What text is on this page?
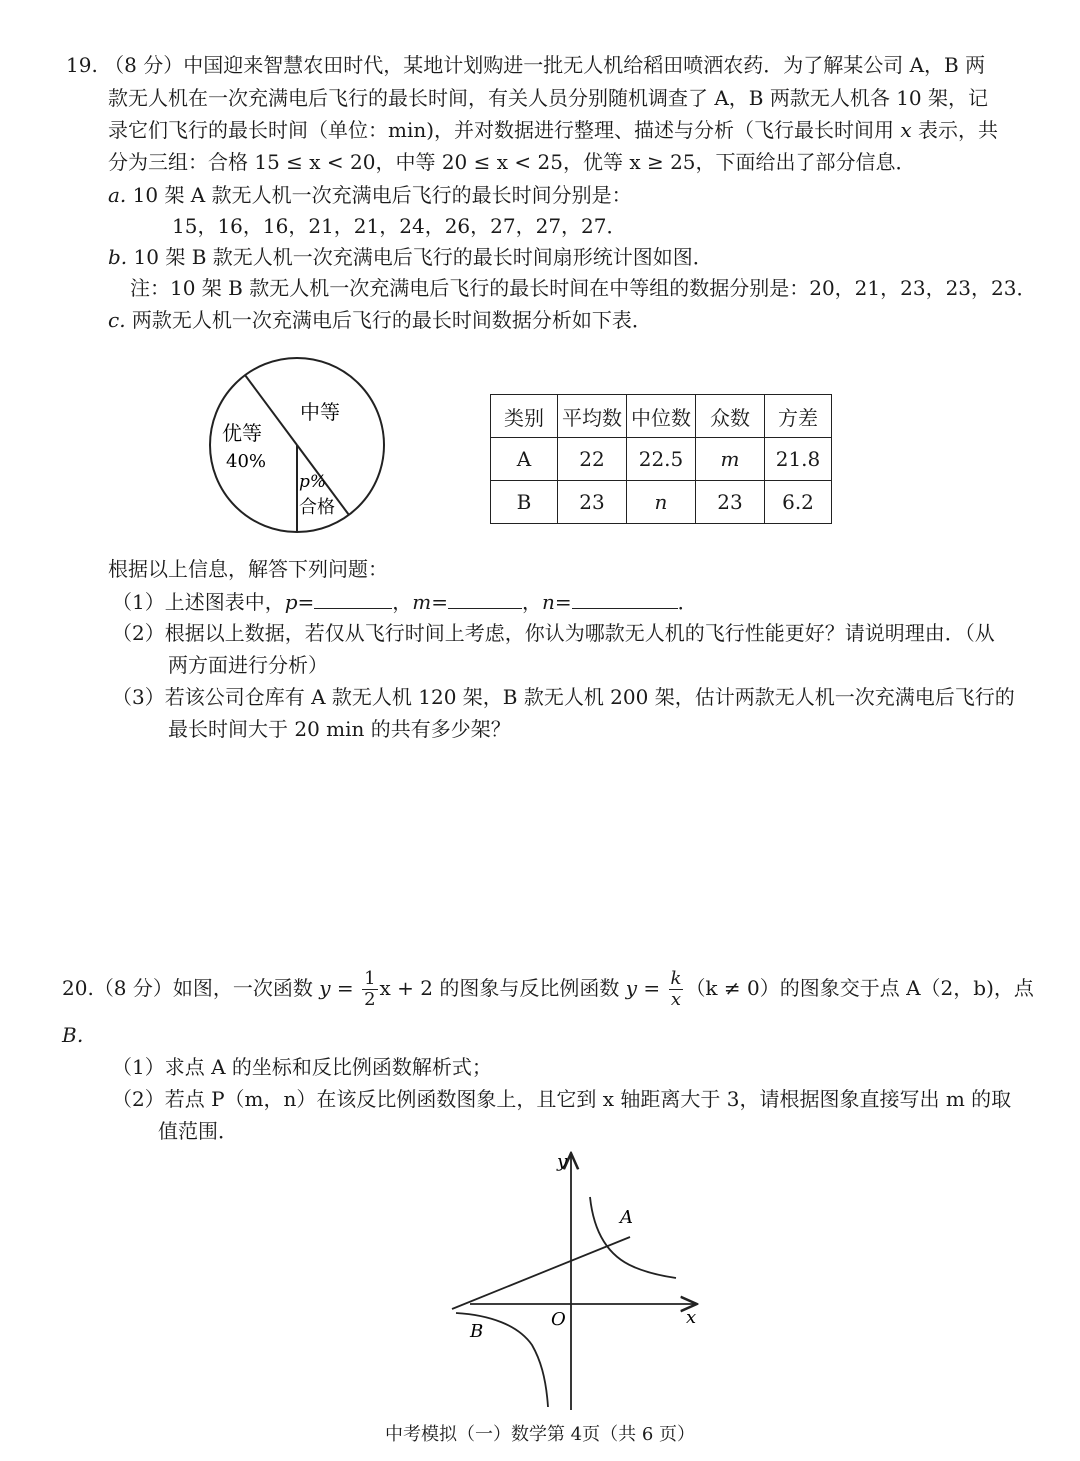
19. （8 分）中国迎来智慧农田时代，某地计划购进一批无人机给稻田喷洒农药．为了解某公司 A，B 两
款无人机在一次充满电后飞行的最长时间，有关人员分别随机调查了 A，B 两款无人机各 10 架，记
录它们飞行的最长时间（单位：min)，并对数据进行整理、描述与分析（飞行最长时间用 x 表示，共
分为三组：合格 15 ≤ x < 20，中等 20 ≤ x < 25，优等 x ≥ 25，下面给出了部分信息．
a. 10 架 A 款无人机一次充满电后飞行的最长时间分别是：
15，16，16，21，21，24，26，27，27，27．
b. 10 架 B 款无人机一次充满电后飞行的最长时间扇形统计图如图．
注：10 架 B 款无人机一次充满电后飞行的最长时间在中等组的数据分别是：20，21，23，23，23．
c. 两款无人机一次充满电后飞行的最长时间数据分析如下表．
优等
40%
中等
p%
合格
类别	平均数	中位数	众数	方差
A	22	22.5	m	21.8
B	23	n	23	6.2
根据以上信息，解答下列问题：
（1）上述图表中，p=	，m=	，n=	．
（2）根据以上数据，若仅从飞行时间上考虑，你认为哪款无人机的飞行性能更好？请说明理由．（从
两方面进行分析）
（3）若该公司仓库有 A 款无人机 120 架，B 款无人机 200 架，估计两款无人机一次充满电后飞行的
最长时间大于 20 min 的共有多少架？
20.（8 分）如图，一次函数 $y = \frac{1}{2}$ x + 2 的图象与反比例函数 $y = \frac{k}{x} (k \ne 0)$的图象交于点 A（2，b)，点
B．
（1）求点 A 的坐标和反比例函数解析式；
（2）若点 P（m，n）在该反比例函数图象上，且它到 x 轴距离大于 3，请根据图象直接写出 m 的取
值范围．
y
x
O
A
B
中考模拟（一）数学第 4页（共 6 页）
